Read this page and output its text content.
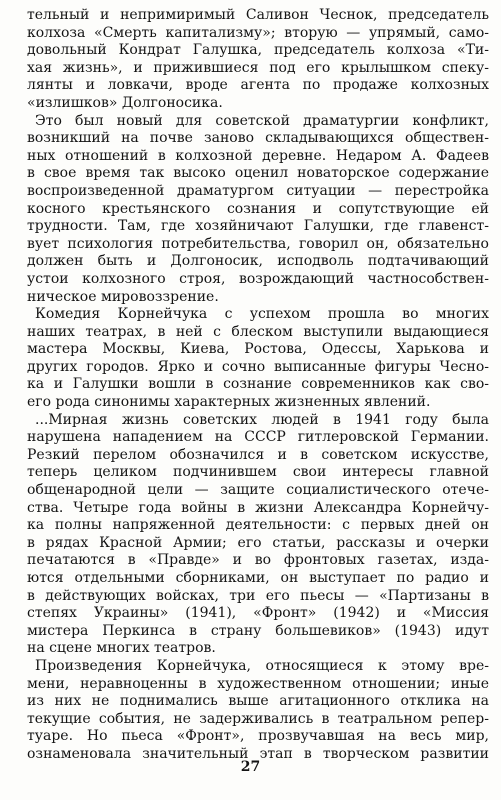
тельный и непримиримый Саливон Чеснок, председатель
колхоза «Смерть капитализму»; вторую — упрямый, само-
довольный Кондрат Галушка, председатель колхоза «Ти-
хая жизнь», и прижившиеся под его крылышком спеку-
лянты и ловкачи, вроде агента по продаже колхозных
«излишков» Долгоносика.
Это был новый для советской драматургии конфликт,
возникший на почве заново складывающихся обществен-
ных отношений в колхозной деревне. Недаром А. Фадеев
в свое время так высоко оценил новаторское содержание
воспроизведенной драматургом ситуации — перестройка
косного крестьянского сознания и сопутствующие ей
трудности. Там, где хозяйничают Галушки, где главенст-
вует психология потребительства, говорил он, обязательно
должен быть и Долгоносик, исподволь подтачивающий
устои колхозного строя, возрождающий частнособствен-
ническое мировоззрение.
Комедия Корнейчука с успехом прошла во многих
наших театрах, в ней с блеском выступили выдающиеся
мастера Москвы, Киева, Ростова, Одессы, Харькова и
других городов. Ярко и сочно выписанные фигуры Чесно-
ка и Галушки вошли в сознание современников как сво-
его рода синонимы характерных жизненных явлений.
...Мирная жизнь советских людей в 1941 году была
нарушена нападением на СССР гитлеровской Германии.
Резкий перелом обозначился и в советском искусстве,
теперь целиком подчинившем свои интересы главной
общенародной цели — защите социалистического отече-
ства. Четыре года войны в жизни Александра Корнейчу-
ка полны напряженной деятельности: с первых дней он
в рядах Красной Армии; его статьи, рассказы и очерки
печатаются в «Правде» и во фронтовых газетах, изда-
ются отдельными сборниками, он выступает по радио и
в действующих войсках, три его пьесы — «Партизаны в
степях Украины» (1941), «Фронт» (1942) и «Миссия
мистера Перкинса в страну большевиков» (1943) идут
на сцене многих театров.
Произведения Корнейчука, относящиеся к этому вре-
мени, неравноценны в художественном отношении; иные
из них не поднимались выше агитационного отклика на
текущие события, не задерживались в театральном репер-
туаре. Но пьеса «Фронт», прозвучавшая на весь мир,
ознаменовала значительный этап в творческом развитии
27
